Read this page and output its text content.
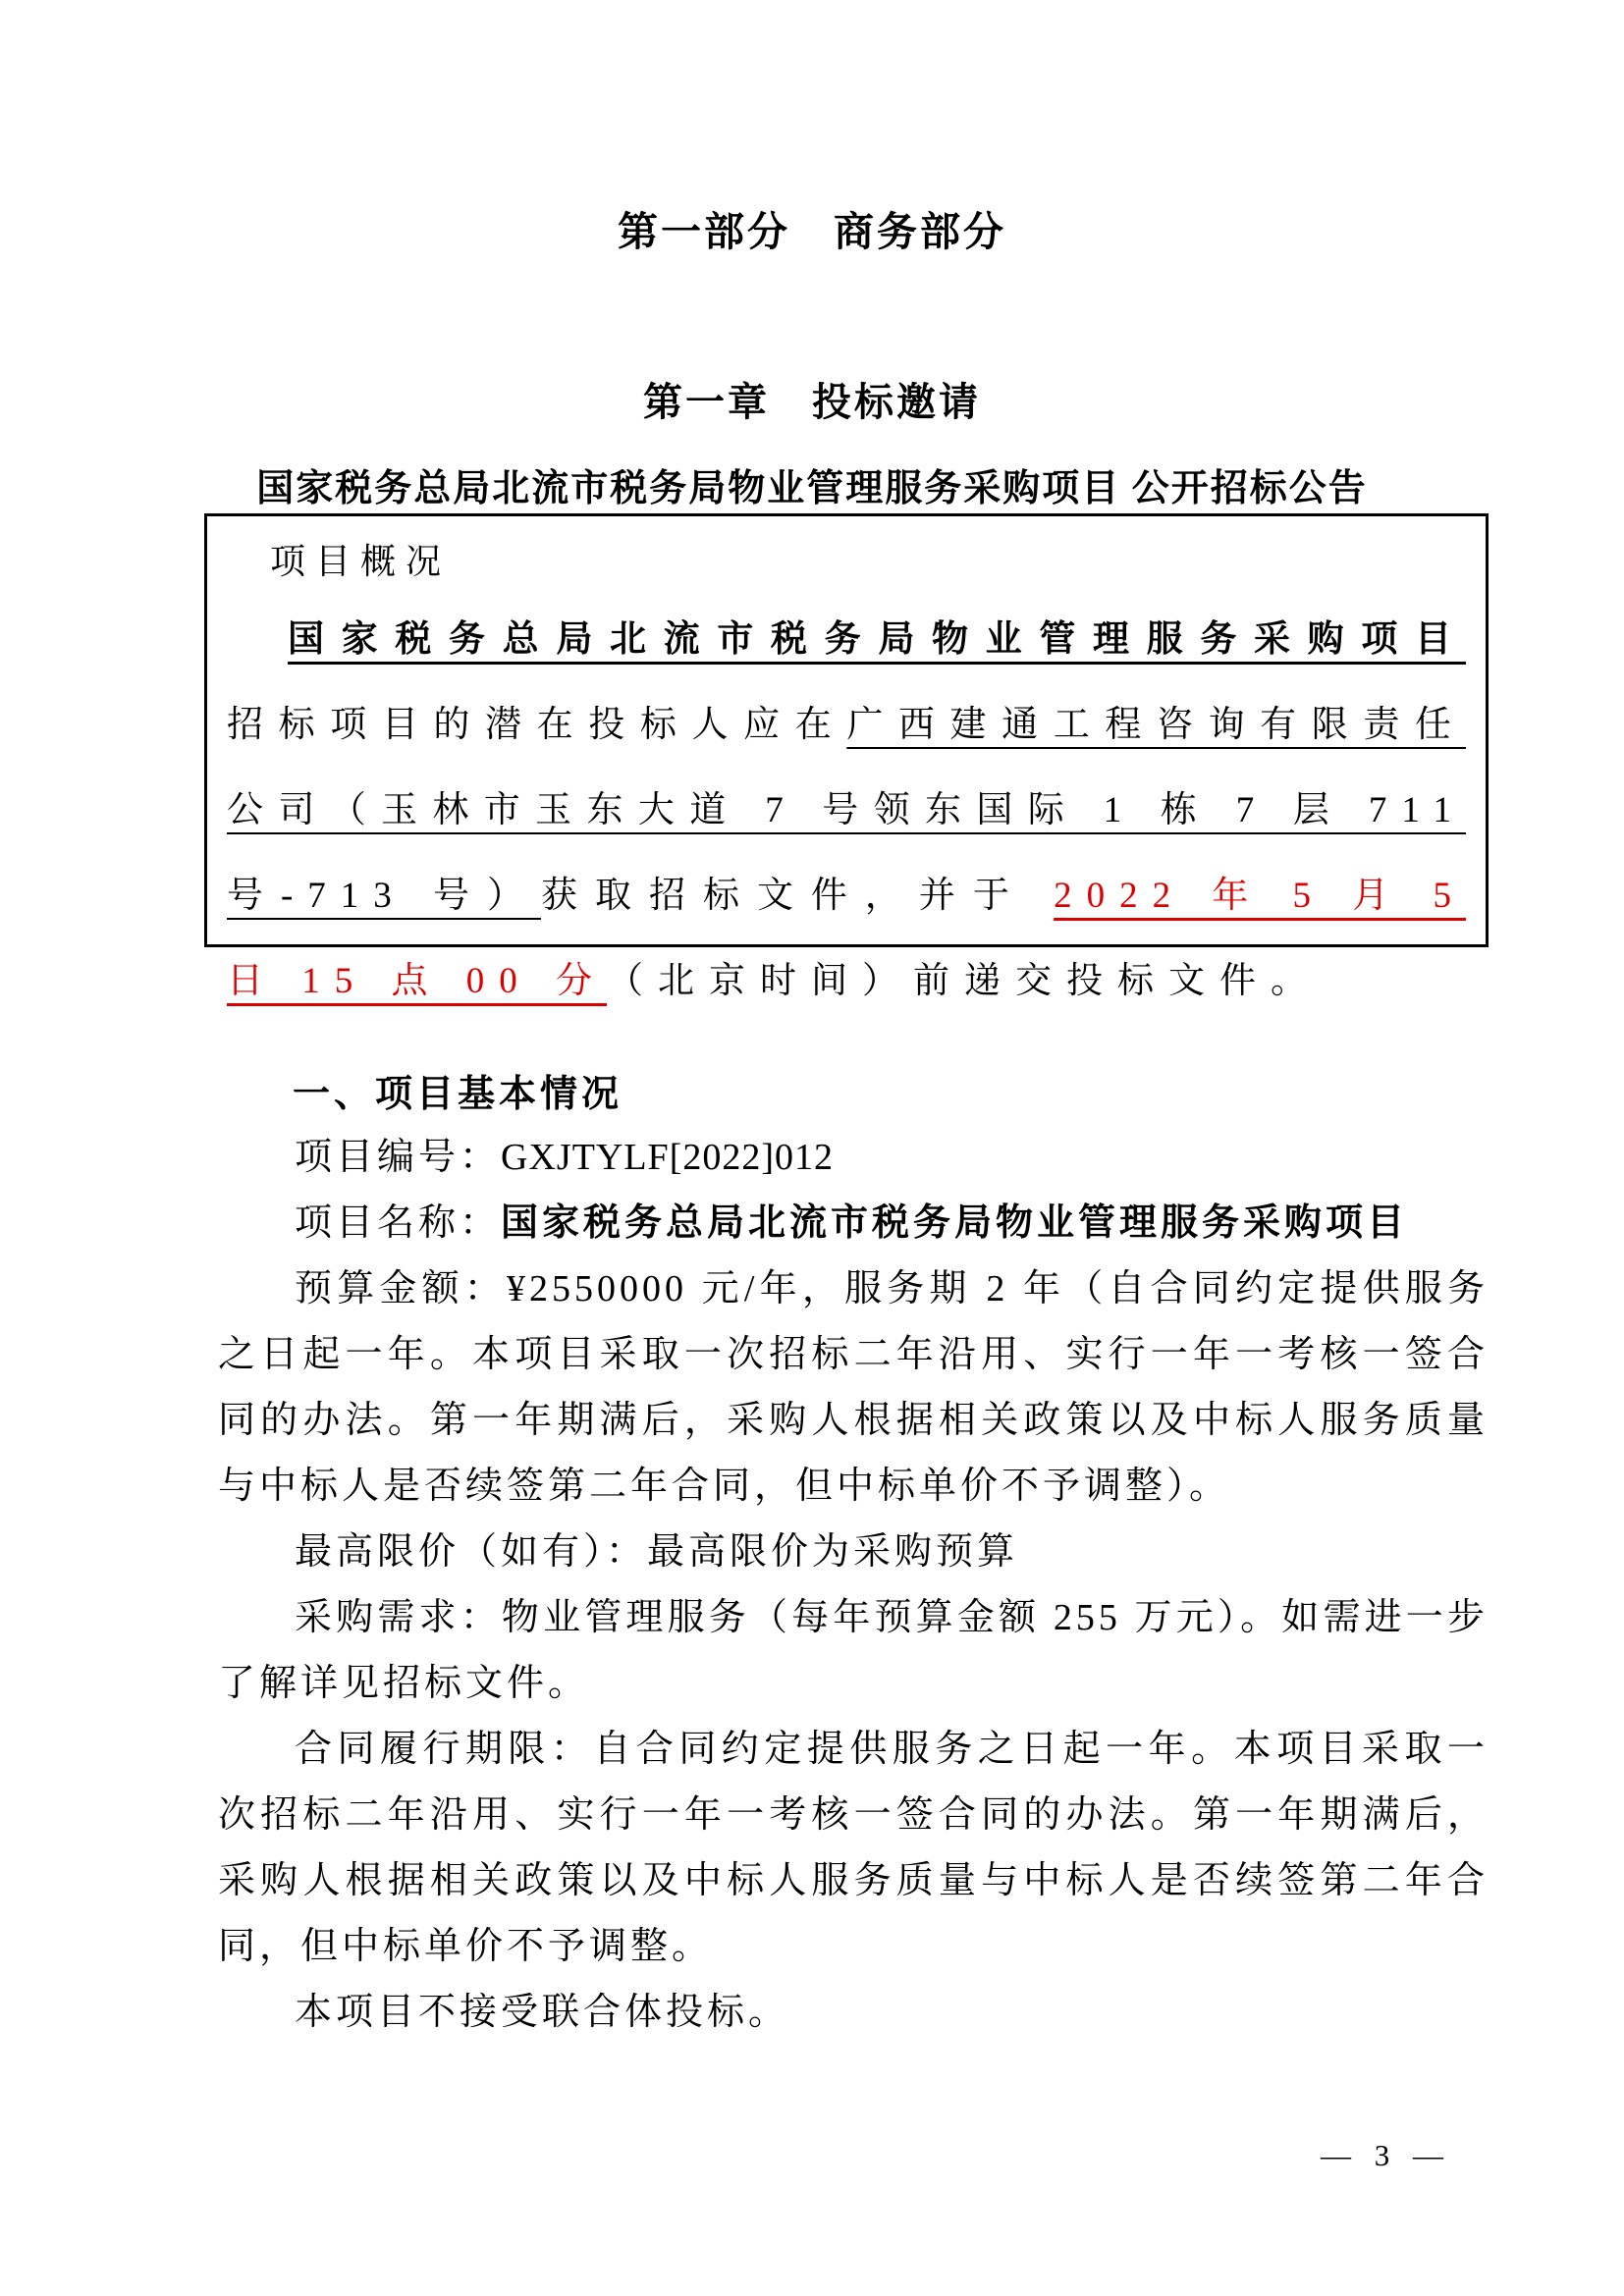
第一部分　商务部分
第一章　投标邀请
国家税务总局北流市税务局物业管理服务采购项目 公开招标公告

项目概况

国家税务总局北流市税务局物业管理服务采购项目 招标项目的潜在投标人应在广西建通工程咨询有限责任公司（玉林市玉东大道 7 号领东国际 1 栋 7 层 711 号-713 号）获取招标文件，并于 2022 年 5 月 5 日 15 点 00 分（北京时间）前递交投标文件。

一、项目基本情况

项目编号：GXJTYLF[2022]012

项目名称：国家税务总局北流市税务局物业管理服务采购项目

预算金额：¥2550000 元/年，服务期 2 年（自合同约定提供服务之日起一年。本项目采取一次招标二年沿用、实行一年一考核一签合同的办法。第一年期满后，采购人根据相关政策以及中标人服务质量与中标人是否续签第二年合同，但中标单价不予调整）。

最高限价（如有）：最高限价为采购预算

采购需求：物业管理服务（每年预算金额 255 万元）。如需进一步了解详见招标文件。

合同履行期限：自合同约定提供服务之日起一年。本项目采取一次招标二年沿用、实行一年一考核一签合同的办法。第一年期满后，采购人根据相关政策以及中标人服务质量与中标人是否续签第二年合同，但中标单价不予调整。

本项目不接受联合体投标。

— 3 —
